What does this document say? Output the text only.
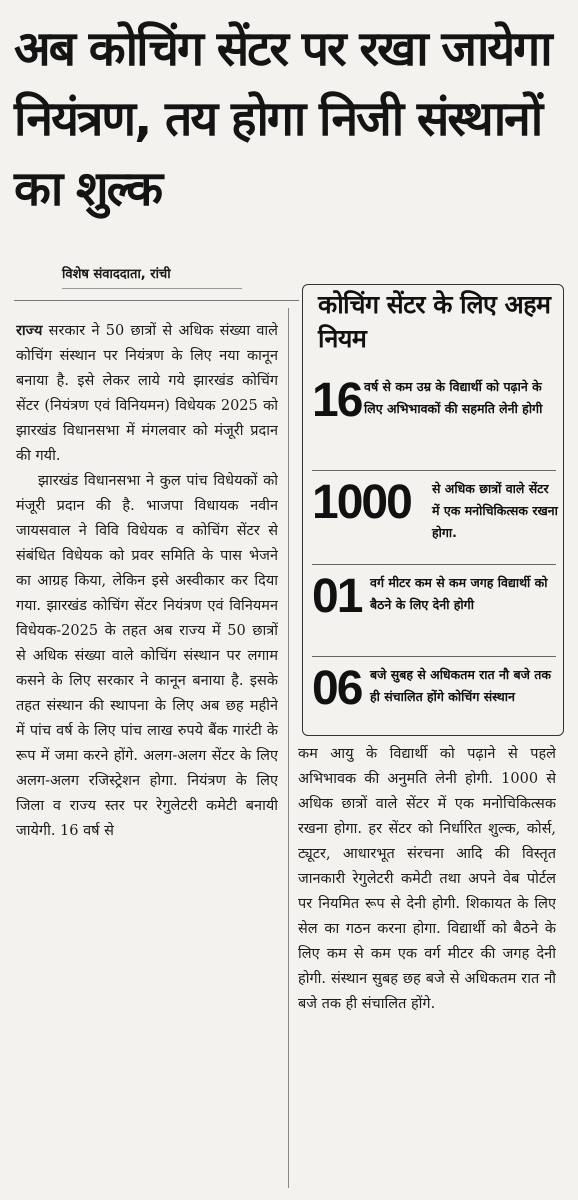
अब कोचिंग सेंटर पर रखा जायेगा नियंत्रण, तय होगा निजी संस्थानों का शुल्क
विशेष संवाददाता, रांची

राज्य सरकार ने 50 छात्रों से अधिक संख्या वाले कोचिंग संस्थान पर नियंत्रण के लिए नया कानून बनाया है. इसे लेकर लाये गये झारखंड कोचिंग सेंटर (नियंत्रण एवं विनियमन) विधेयक 2025 को झारखंड विधानसभा में मंगलवार को मंजूरी प्रदान की गयी.

झारखंड विधानसभा ने कुल पांच विधेयकों को मंजूरी प्रदान की है. भाजपा विधायक नवीन जायसवाल ने विवि विधेयक व कोचिंग सेंटर से संबंधित विधेयक को प्रवर समिति के पास भेजने का आग्रह किया, लेकिन इसे अस्वीकार कर दिया गया. झारखंड कोचिंग सेंटर नियंत्रण एवं विनियमन विधेयक-2025 के तहत अब राज्य में 50 छात्रों से अधिक संख्या वाले कोचिंग संस्थान पर लगाम कसने के लिए सरकार ने कानून बनाया है. इसके तहत संस्थान की स्थापना के लिए अब छह महीने में पांच वर्ष के लिए पांच लाख रुपये बैंक गारंटी के रूप में जमा करने होंगे. अलग-अलग सेंटर के लिए अलग-अलग रजिस्ट्रेशन होगा. नियंत्रण के लिए जिला व राज्य स्तर पर रेगुलेटरी कमेटी बनायी जायेगी. 16 वर्ष से

कोचिंग सेंटर के लिए अहम नियम
16 वर्ष से कम उम्र के विद्यार्थी को पढ़ाने के लिए अभिभावकों की सहमति लेनी होगी
1000 से अधिक छात्रों वाले सेंटर में एक मनोचिकित्सक रखना होगा.
01 वर्ग मीटर कम से कम जगह विद्यार्थी को बैठने के लिए देनी होगी
06 बजे सुबह से अधिकतम रात नौ बजे तक ही संचालित होंगे कोचिंग संस्थान

कम आयु के विद्यार्थी को पढ़ाने से पहले अभिभावक की अनुमति लेनी होगी. 1000 से अधिक छात्रों वाले सेंटर में एक मनोचिकित्सक रखना होगा. हर सेंटर को निर्धारित शुल्क, कोर्स, ट्यूटर, आधारभूत संरचना आदि की विस्तृत जानकारी रेगुलेटरी कमेटी तथा अपने वेब पोर्टल पर नियमित रूप से देनी होगी. शिकायत के लिए सेल का गठन करना होगा. विद्यार्थी को बैठने के लिए कम से कम एक वर्ग मीटर की जगह देनी होगी. संस्थान सुबह छह बजे से अधिकतम रात नौ बजे तक ही संचालित होंगे.
